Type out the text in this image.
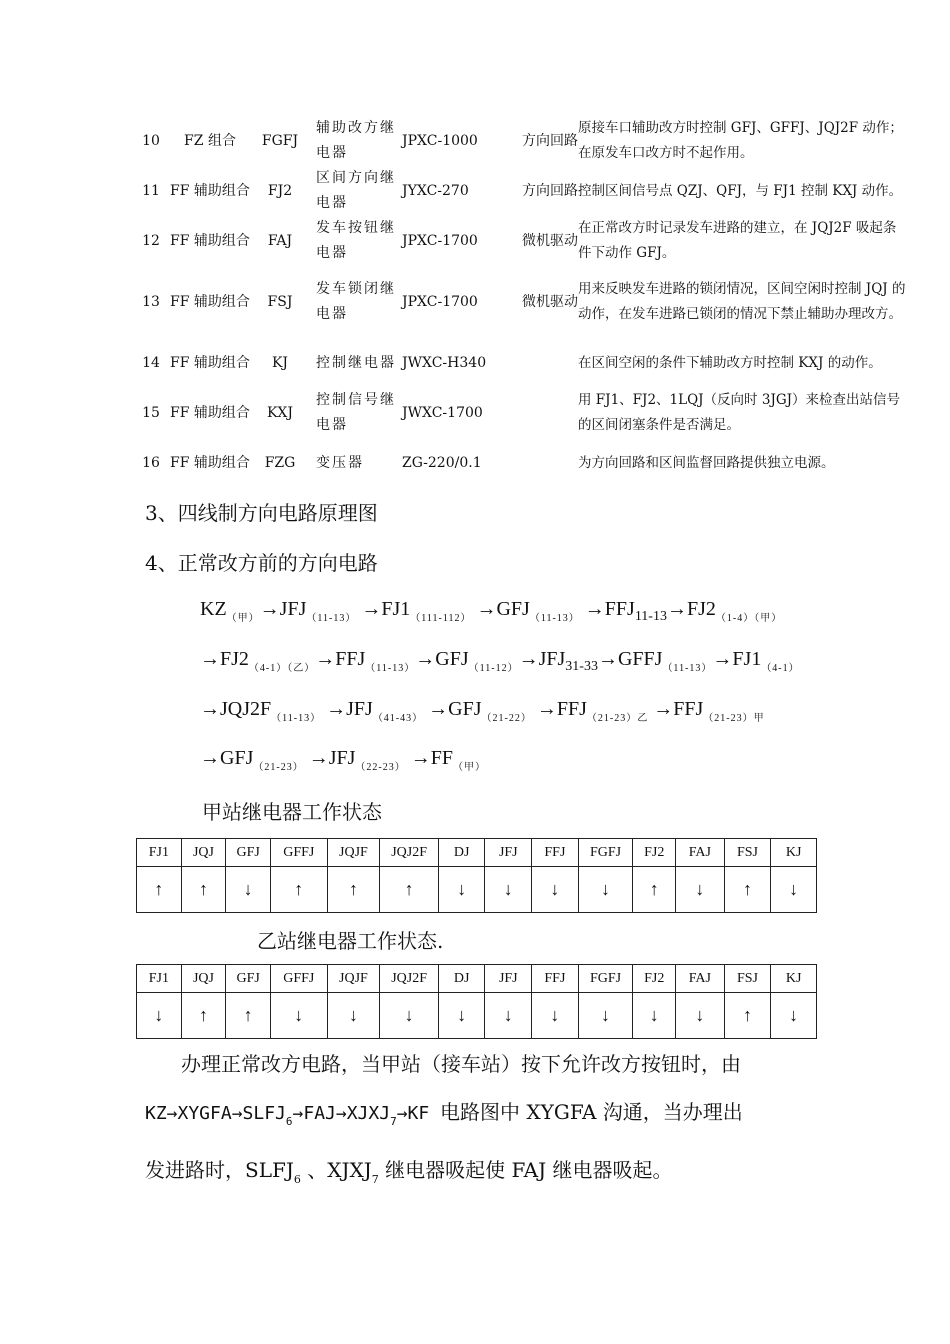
10	FZ 组合	FGFJ	辅助改方继电器	JPXC-1000	方向回路	原接车口辅助改方时控制 GFJ、GFFJ、JQJ2F 动作；在原发车口改方时不起作用。
11	FF 辅助组合	FJ2	区间方向继电器	JYXC-270	方向回路	控制区间信号点 QZJ、QFJ，与 FJ1 控制 KXJ 动作。
12	FF 辅助组合	FAJ	发车按钮继电器	JPXC-1700	微机驱动	在正常改方时记录发车进路的建立，在 JQJ2F 吸起条件下动作 GFJ。
13	FF 辅助组合	FSJ	发车锁闭继电器	JPXC-1700	微机驱动	用来反映发车进路的锁闭情况，区间空闲时控制 JQJ 的动作，在发车进路已锁闭的情况下禁止辅助办理改方。
14	FF 辅助组合	KJ	控制继电器	JWXC-H340		在区间空闲的条件下辅助改方时控制 KXJ 的动作。
15	FF 辅助组合	KXJ	控制信号继电器	JWXC-1700		用 FJ1、FJ2、1LQJ（反向时 3JGJ）来检查出站信号的区间闭塞条件是否满足。
16	FF 辅助组合	FZG	变压器	ZG-220/0.1		为方向回路和区间监督回路提供独立电源。
3、四线制方向电路原理图
4、正常改方前的方向电路
$KZ_{(甲)}\to JFJ_{(11-13)} \to FJ1_{(111-112)} \to GFJ_{(11-13)} \to FFJ_{11-13}\to FJ2_{(1-4)(甲)}$
$\to FJ2_{(4-1)(乙)}\to FFJ_{(11-13)}\to GFJ_{(11-12)}\to JFJ_{31-33}\to GFFJ_{(11-13)}\to FJ1_{(4-1)}$
$\to JQJ2F_{(11-13)} \to JFJ_{(41-43)} \to GFJ_{(21-22)} \to FFJ_{(21-23)乙} \to FFJ_{(21-23)甲}$
$\to GFJ_{(21-23)} \to JFJ_{(22-23)} \to FF_{(甲)}$
甲站继电器工作状态
FJ1	JQJ	GFJ	GFFJ	JQJF	JQJ2F	DJ	JFJ	FFJ	FGFJ	FJ2	FAJ	FSJ	KJ
↑	↑	↓	↑	↑	↑	↓	↓	↓	↓	↑	↓	↑	↓
乙站继电器工作状态.
FJ1	JQJ	GFJ	GFFJ	JQJF	JQJ2F	DJ	JFJ	FFJ	FGFJ	FJ2	FAJ	FSJ	KJ
↓	↑	↑	↓	↓	↓	↓	↓	↓	↓	↓	↓	↑	↓
办理正常改方电路，当甲站（接车站）按下允许改方按钮时，由
$KZ\to XYGFA\to SLFJ_6\to FAJ\to XJXJ_7\to KF$ 电路图中 XYGFA 沟通，当办理出
发进路时，$SLFJ_6$ 、$XJXJ_7$ 继电器吸起使 FAJ 继电器吸起。
